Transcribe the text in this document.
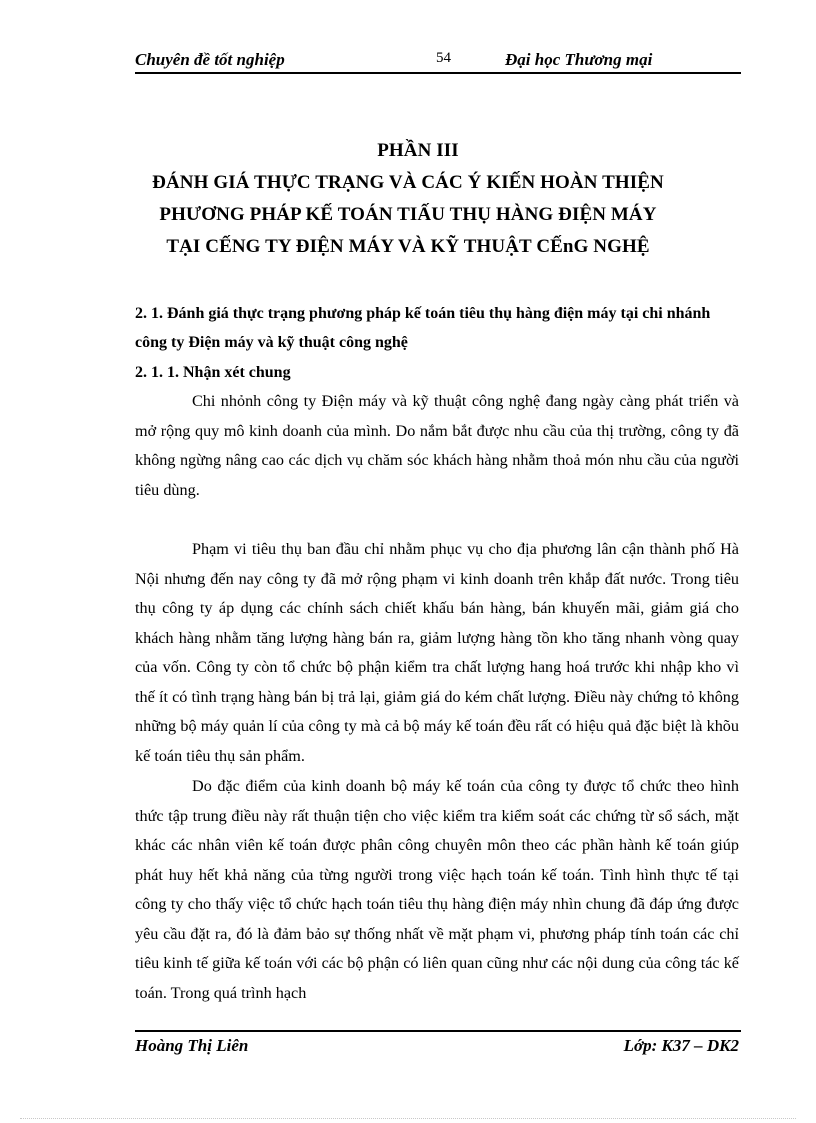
Chuyên đề tốt nghiệp	54	Đại học Thương mại
PHẦN III
ĐÁNH GIÁ THỰC TRẠNG VÀ CÁC Ý KIẾN HOÀN THIỆN
PHƯƠNG PHÁP KẾ TOÁN TIẤU THỤ HÀNG ĐIỆN MÁY
TẠI CẾNG TY ĐIỆN MÁY VÀ KỸ THUẬT CẾnG NGHỆ
2. 1. Đánh giá thực trạng phương pháp kế toán tiêu thụ hàng điện máy tại chi nhánh công ty Điện máy và kỹ thuật công nghệ
2. 1. 1. Nhận xét chung
Chi nhỏnh công ty Điện máy và kỹ thuật công nghệ đang ngày càng phát triển và mở rộng quy mô kinh doanh của mình. Do nắm bắt được nhu cầu của thị trường, công ty đã không ngừng nâng cao các dịch vụ chăm sóc khách hàng nhằm thoả món nhu cầu của người tiêu dùng.
Phạm vi tiêu thụ ban đầu chỉ nhằm phục vụ cho địa phương lân cận thành phố Hà Nội nhưng đến nay công ty đã mở rộng phạm vi kinh doanh trên khắp đất nước. Trong tiêu thụ công ty áp dụng các chính sách chiết khấu bán hàng, bán khuyến mãi, giảm giá cho khách hàng nhằm tăng lượng hàng bán ra, giảm lượng hàng tồn kho tăng nhanh vòng quay của vốn. Công ty còn tổ chức bộ phận kiểm tra chất lượng hang hoá trước khi nhập kho vì thế ít có tình trạng hàng bán bị trả lại, giảm giá do kém chất lượng. Điều này chứng tỏ không những bộ máy quản lí của công ty mà cả bộ máy kế toán đều rất có hiệu quả đặc biệt là khõu kế toán tiêu thụ sản phẩm.
Do đặc điểm của kinh doanh bộ máy kế toán của công ty được tổ chức theo hình thức tập trung điều này rất thuận tiện cho việc kiểm tra kiểm soát các chứng từ sổ sách, mặt khác các nhân viên kế toán được phân công chuyên môn theo các phần hành kế toán giúp phát huy hết khả năng của từng người trong việc hạch toán kế toán. Tình hình thực tế tại công ty cho thấy việc tổ chức hạch toán tiêu thụ hàng điện máy nhìn chung đã đáp ứng được yêu cầu đặt ra, đó là đảm bảo sự thống nhất về mặt phạm vi, phương pháp tính toán các chỉ tiêu kinh tế giữa kế toán với các bộ phận có liên quan cũng như các nội dung của công tác kế toán. Trong quá trình hạch
Hoàng Thị Liên	Lớp: K37 – DK2
